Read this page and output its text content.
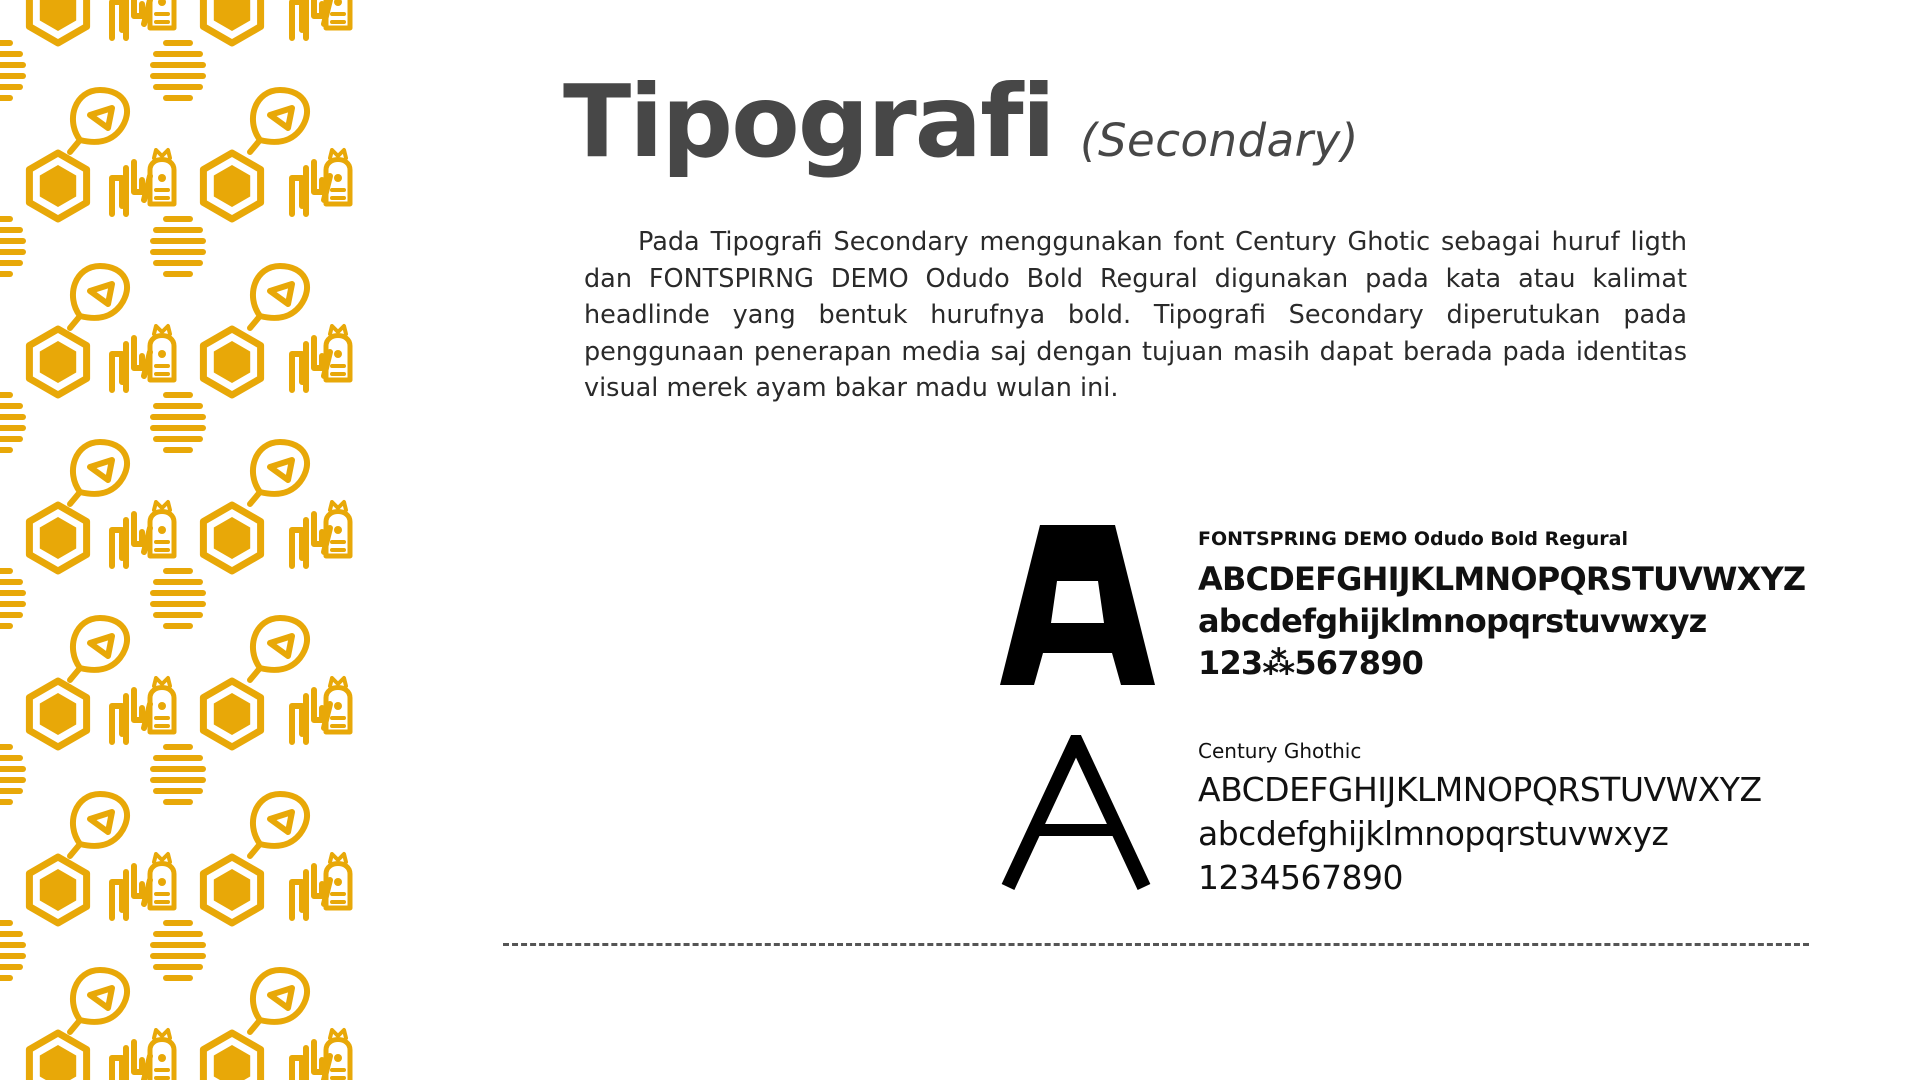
Tipografi (Secondary)

Pada Tipografi Secondary menggunakan font Century Ghotic sebagai huruf ligth dan FONTSPIRNG DEMO Odudo Bold Regural digunakan pada kata atau kalimat headlinde yang bentuk hurufnya bold. Tipografi Secondary diperutukan pada penggunaan penerapan media saj dengan tujuan masih dapat berada pada identitas visual merek ayam bakar madu wulan ini.

FONTSPRING DEMO Odudo Bold Regural
ABCDEFGHIJKLMNOPQRSTUVWXYZ
abcdefghijklmnopqrstuvwxyz
123⁂567890
Century Ghothic
ABCDEFGHIJKLMNOPQRSTUVWXYZ
abcdefghijklmnopqrstuvwxyz
1234567890
